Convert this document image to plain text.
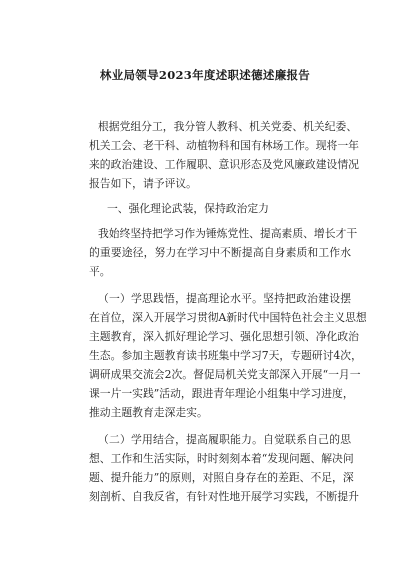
林业局领导2023年度述职述德述廉报告

根据党组分工，我分管人教科、机关党委、机关纪委、

机关工会、老干科、动植物科和国有林场工作。现将一年

来的政治建设、工作履职、意识形态及党风廉政建设情况

报告如下，请予评议。

一、强化理论武装，保持政治定力

我始终坚持把学习作为锤炼党性、提高素质、增长才干

的重要途径，努力在学习中不断提高自身素质和工作水

平。

（一）学思践悟，提高理论水平。坚持把政治建设摆

在首位，深入开展学习贯彻A新时代中国特色社会主义思想

主题教育，深入抓好理论学习、强化思想引领、净化政治

生态。参加主题教育读书班集中学习7天，专题研讨4次，

调研成果交流会2次。督促局机关党支部深入开展“一月一

课一片一实践”活动，跟进青年理论小组集中学习进度，

推动主题教育走深走实。

（二）学用结合，提高履职能力。自觉联系自己的思

想、工作和生活实际，时时刻刻本着“发现问题、解决问

题、提升能力”的原则，对照自身存在的差距、不足，深

刻剖析、自我反省，有针对性地开展学习实践，不断提升
